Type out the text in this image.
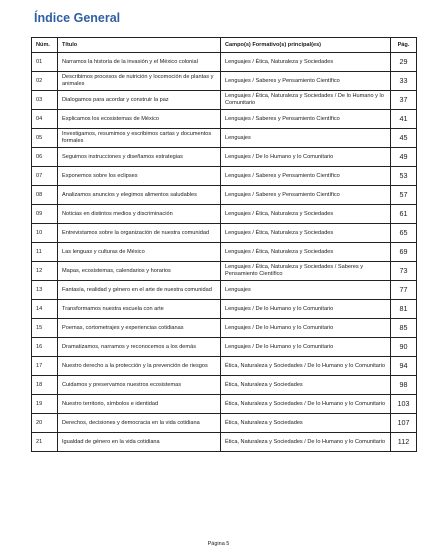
Índice General
Núm.	Título	Campo(s) Formativo(s) principal(es)	Pág.
01	Narramos la historia de la invasión y el México colonial	Lenguajes / Ética, Naturaleza y Sociedades	29
02	Describimos procesos de nutrición y locomoción de plantas y animales	Lenguajes / Saberes y Pensamiento Científico	33
03	Dialogamos para acordar y construir la paz	Lenguajes / Ética, Naturaleza y Sociedades / De lo Humano y lo Comunitario	37
04	Explicamos los ecosistemas de México	Lenguajes / Saberes y Pensamiento Científico	41
05	Investigamos, resumimos y escribimos cartas y documentos formales	Lenguajes	45
06	Seguimos instrucciones y diseñamos estrategias	Lenguajes / De lo Humano y lo Comunitario	49
07	Exponemos sobre los eclipses	Lenguajes / Saberes y Pensamiento Científico	53
08	Analizamos anuncios y elegimos alimentos saludables	Lenguajes / Saberes y Pensamiento Científico	57
09	Noticias en distintos medios y discriminación	Lenguajes / Ética, Naturaleza y Sociedades	61
10	Entrevistamos sobre la organización de nuestra comunidad	Lenguajes / Ética, Naturaleza y Sociedades	65
11	Las lenguas y culturas de México	Lenguajes / Ética, Naturaleza y Sociedades	69
12	Mapas, ecosistemas, calendarios y horarios	Lenguajes / Ética, Naturaleza y Sociedades / Saberes y Pensamiento Científico	73
13	Fantasía, realidad y género en el arte de nuestra comunidad	Lenguajes	77
14	Transformamos nuestra escuela con arte	Lenguajes / De lo Humano y lo Comunitario	81
15	Poemas, cortometrajes y experiencias cotidianas	Lenguajes / De lo Humano y lo Comunitario	85
16	Dramatizamos, narramos y reconocemos a los demás	Lenguajes / De lo Humano y lo Comunitario	90
17	Nuestro derecho a la protección y la prevención de riesgos	Ética, Naturaleza y Sociedades / De lo Humano y lo Comunitario	94
18	Cuidamos y preservamos nuestros ecosistemas	Ética, Naturaleza y Sociedades	98
19	Nuestro territorio, símbolos e identidad	Ética, Naturaleza y Sociedades / De lo Humano y lo Comunitario	103
20	Derechos, decisiones y democracia en la vida cotidiana	Ética, Naturaleza y Sociedades	107
21	Igualdad de género en la vida cotidiana	Ética, Naturaleza y Sociedades / De lo Humano y lo Comunitario	112
Página 5
